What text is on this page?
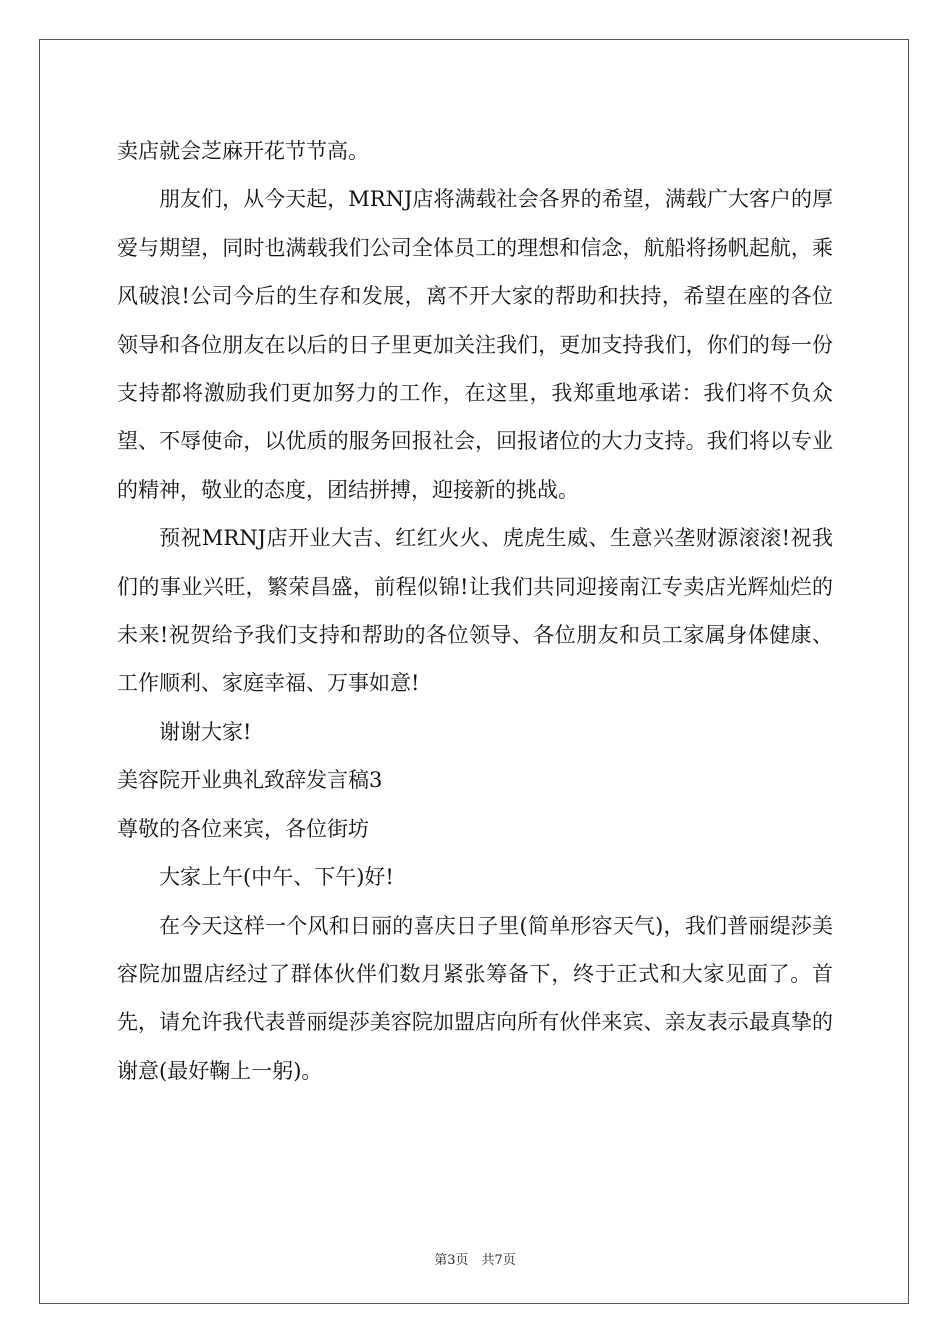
卖店就会芝麻开花节节高。

朋友们，从今天起，MRNJ店将满载社会各界的希望，满载广大客户的厚爱与期望，同时也满载我们公司全体员工的理想和信念，航船将扬帆起航，乘风破浪!公司今后的生存和发展，离不开大家的帮助和扶持，希望在座的各位领导和各位朋友在以后的日子里更加关注我们，更加支持我们，你们的每一份支持都将激励我们更加努力的工作，在这里，我郑重地承诺：我们将不负众望、不辱使命，以优质的服务回报社会，回报诸位的大力支持。我们将以专业的精神，敬业的态度，团结拼搏，迎接新的挑战。

预祝MRNJ店开业大吉、红红火火、虎虎生威、生意兴垄财源滚滚!祝我们的事业兴旺，繁荣昌盛，前程似锦!让我们共同迎接南江专卖店光辉灿烂的未来!祝贺给予我们支持和帮助的各位领导、各位朋友和员工家属身体健康、工作顺利、家庭幸福、万事如意!

谢谢大家!

美容院开业典礼致辞发言稿3

尊敬的各位来宾，各位街坊

大家上午(中午、下午)好!

在今天这样一个风和日丽的喜庆日子里(简单形容天气)，我们普丽缇莎美容院加盟店经过了群体伙伴们数月紧张筹备下，终于正式和大家见面了。首先，请允许我代表普丽缇莎美容院加盟店向所有伙伴来宾、亲友表示最真挚的谢意(最好鞠上一躬)。

第3页　共7页
